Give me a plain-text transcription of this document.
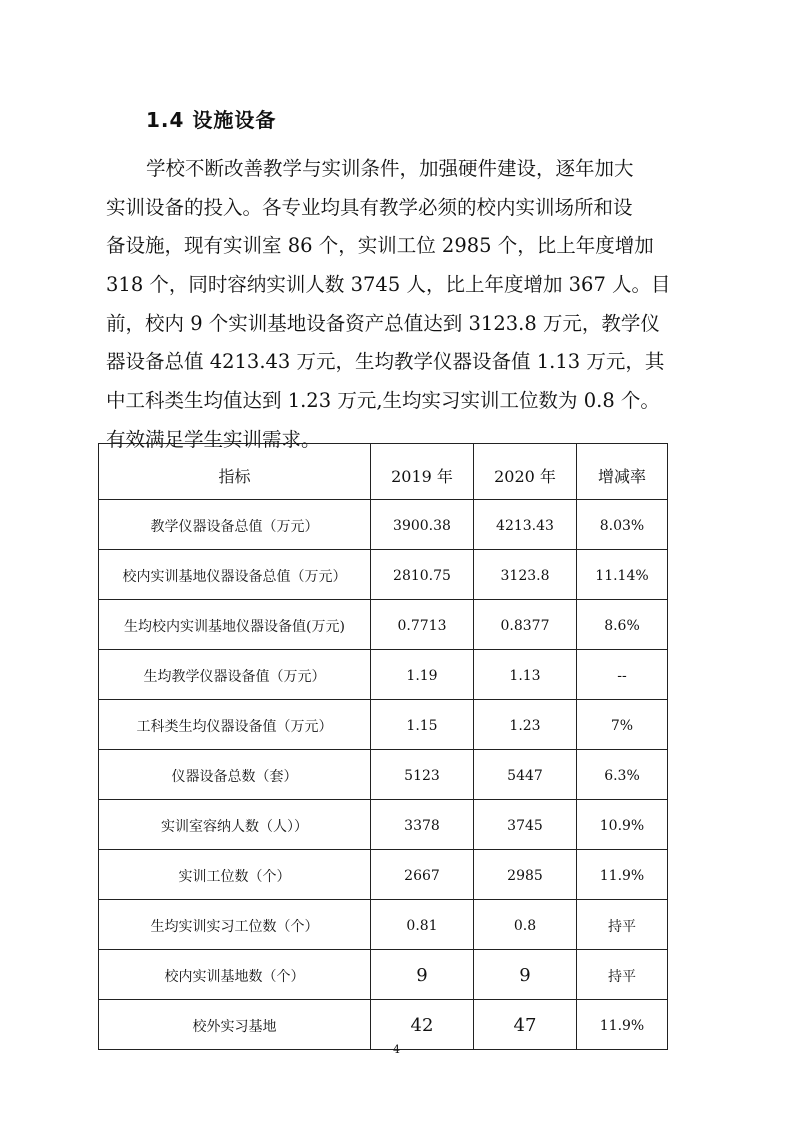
1.4 设施设备
学校不断改善教学与实训条件，加强硬件建设，逐年加大
实训设备的投入。各专业均具有教学必须的校内实训场所和设
备设施，现有实训室 86 个，实训工位 2985 个，比上年度增加
318 个，同时容纳实训人数 3745 人，比上年度增加 367 人。目
前，校内 9 个实训基地设备资产总值达到 3123.8 万元，教学仪
器设备总值 4213.43 万元，生均教学仪器设备值 1.13 万元，其
中工科类生均值达到 1.23 万元,生均实习实训工位数为 0.8 个。
有效满足学生实训需求。
指标	2019 年	2020 年	增减率
教学仪器设备总值（万元）	3900.38	4213.43	8.03%
校内实训基地仪器设备总值（万元）	2810.75	3123.8	11.14%
生均校内实训基地仪器设备值(万元)	0.7713	0.8377	8.6%
生均教学仪器设备值（万元）	1.19	1.13	--
工科类生均仪器设备值（万元）	1.15	1.23	7%
仪器设备总数（套）	5123	5447	6.3%
实训室容纳人数（人））	3378	3745	10.9%
实训工位数（个）	2667	2985	11.9%
生均实训实习工位数（个）	0.81	0.8	持平
校内实训基地数（个）	9	9	持平
校外实习基地	42	47	11.9%
4
